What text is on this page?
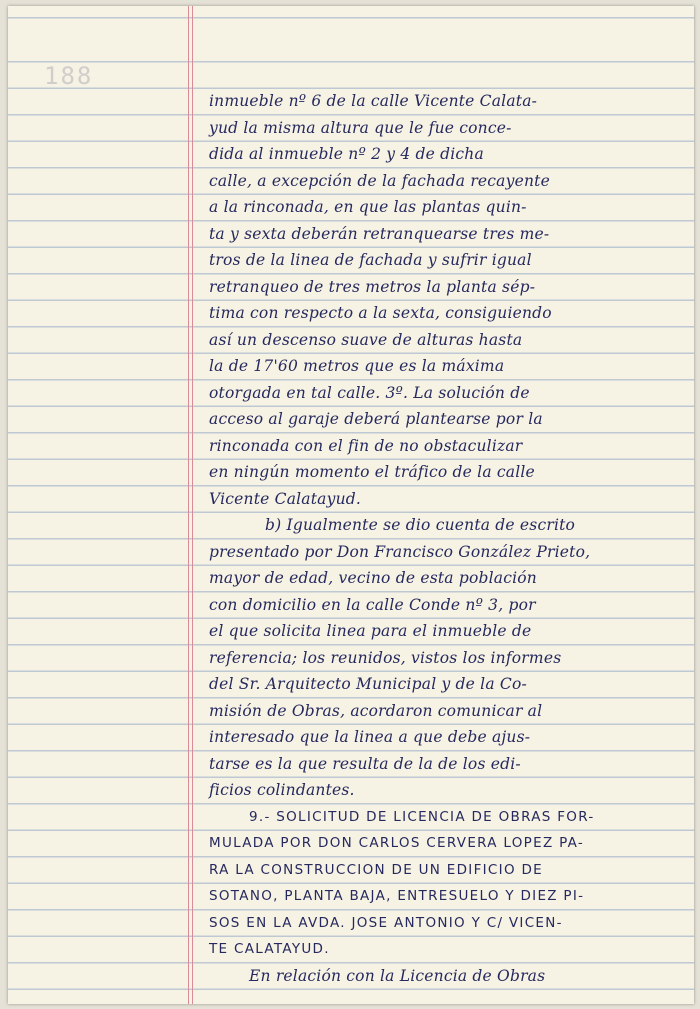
188

inmueble nº 6 de la calle Vicente Calata-
yud la misma altura que le fue conce-
dida al inmueble nº 2 y 4 de dicha
calle, a excepción de la fachada recayente
a la rinconada, en que las plantas quin-
ta y sexta deberán retranquearse tres me-
tros de la linea de fachada y sufrir igual
retranqueo de tres metros la planta sép-
tima con respecto a la sexta, consiguiendo
así un descenso suave de alturas hasta
la de 17'60 metros que es la máxima
otorgada en tal calle. 3º. La solución de
acceso al garaje deberá plantearse por la
rinconada con el fin de no obstaculizar
en ningún momento el tráfico de la calle
Vicente Calatayud.
b) Igualmente se dio cuenta de escrito
presentado por Don Francisco González Prieto,
mayor de edad, vecino de esta población
con domicilio en la calle Conde nº 3, por
el que solicita linea para el inmueble de
referencia; los reunidos, vistos los informes
del Sr. Arquitecto Municipal y de la Co-
misión de Obras, acordaron comunicar al
interesado que la linea a que debe ajus-
tarse es la que resulta de la de los edi-
ficios colindantes.
9.- SOLICITUD DE LICENCIA DE OBRAS FOR-
MULADA POR DON CARLOS CERVERA LOPEZ PA-
RA LA CONSTRUCCION DE UN EDIFICIO DE
SOTANO, PLANTA BAJA, ENTRESUELO Y DIEZ PI-
SOS EN LA AVDA. JOSE ANTONIO Y C/ VICEN-
TE CALATAYUD.
En relación con la Licencia de Obras
